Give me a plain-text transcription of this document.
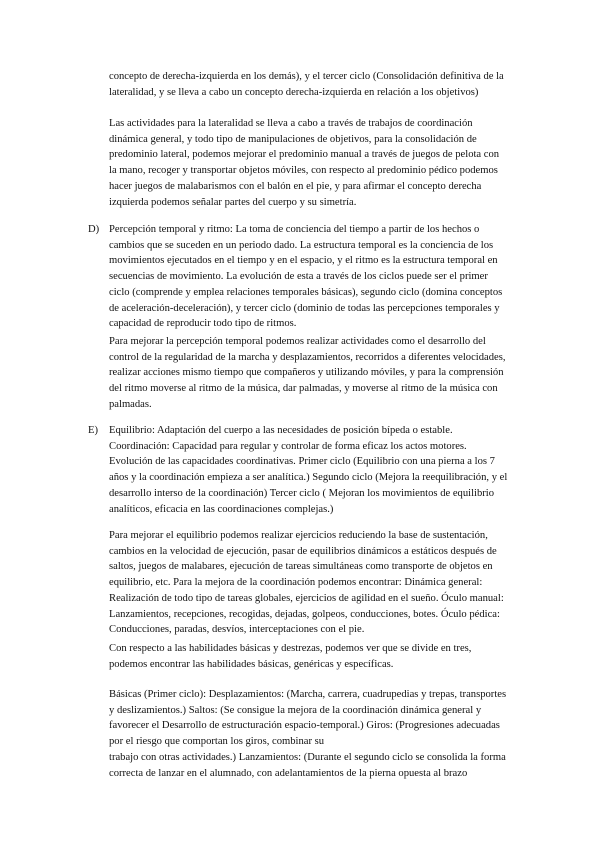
concepto de derecha-izquierda en los demás), y el tercer ciclo (Consolidación definitiva de la
lateralidad, y se lleva a cabo un concepto derecha-izquierda en relación a los objetivos)
Las actividades para la lateralidad se lleva a cabo a través de trabajos de coordinación
dinámica general, y todo tipo de manipulaciones de objetivos, para la consolidación de
predominio lateral, podemos mejorar el predominio manual a través de juegos de pelota con
la mano, recoger y transportar objetos móviles, con respecto al predominio pédico podemos
hacer juegos de malabarismos con el balón en el pie, y para afirmar el concepto derecha
izquierda podemos señalar partes del cuerpo y su simetría.
D) Percepción temporal y ritmo: La toma de conciencia del tiempo a partir de los hechos o
cambios que se suceden en un periodo dado. La estructura temporal es la conciencia de los
movimientos ejecutados en el tiempo y en el espacio, y el ritmo es la estructura temporal en
secuencias de movimiento. La evolución de esta a través de los ciclos puede ser el primer
ciclo (comprende y emplea relaciones temporales básicas), segundo ciclo (domina conceptos
de aceleración-deceleración), y tercer ciclo (dominio de todas las percepciones temporales y
capacidad de reproducir todo tipo de ritmos.
Para mejorar la percepción temporal podemos realizar actividades como el desarrollo del
control de la regularidad de la marcha y desplazamientos, recorridos a diferentes velocidades,
realizar acciones mismo tiempo que compañeros y utilizando móviles, y para la comprensión
del ritmo moverse al ritmo de la música, dar palmadas, y moverse al ritmo de la música con
palmadas.
E) Equilibrio: Adaptación del cuerpo a las necesidades de posición bípeda o estable.
Coordinación: Capacidad para regular y controlar de forma eficaz los actos motores.
Evolución de las capacidades coordinativas. Primer ciclo (Equilibrio con una pierna a los 7
años y la coordinación empieza a ser analítica.) Segundo ciclo (Mejora la reequilibración, y el
desarrollo interso de la coordinación) Tercer ciclo ( Mejoran los movimientos de equilibrio
analíticos, eficacia en las coordinaciones complejas.)
Para mejorar el equilibrio podemos realizar ejercicios reduciendo la base de sustentación,
cambios en la velocidad de ejecución, pasar de equilibrios dinámicos a estáticos después de
saltos, juegos de malabares, ejecución de tareas simultáneas como transporte de objetos en
equilibrio, etc. Para la mejora de la coordinación podemos encontrar: Dinámica general:
Realización de todo tipo de tareas globales, ejercicios de agilidad en el sueño. Óculo manual:
Lanzamientos, recepciones, recogidas, dejadas, golpeos, conducciones, botes. Óculo pédica:
Conducciones, paradas, desvíos, interceptaciones con el pie.
Con respecto a las habilidades básicas y destrezas, podemos ver que se divide en tres,
podemos encontrar las habilidades básicas, genéricas y específicas.
Básicas (Primer ciclo): Desplazamientos: (Marcha, carrera, cuadrupedias y trepas, transportes
y deslizamientos.) Saltos: (Se consigue la mejora de la coordinación dinámica general y
favorecer el Desarrollo de estructuración espacio-temporal.) Giros: (Progresiones adecuadas
por el riesgo que comportan los giros, combinar su
trabajo con otras actividades.) Lanzamientos: (Durante el segundo ciclo se consolida la forma
correcta de lanzar en el alumnado, con adelantamientos de la pierna opuesta al brazo
